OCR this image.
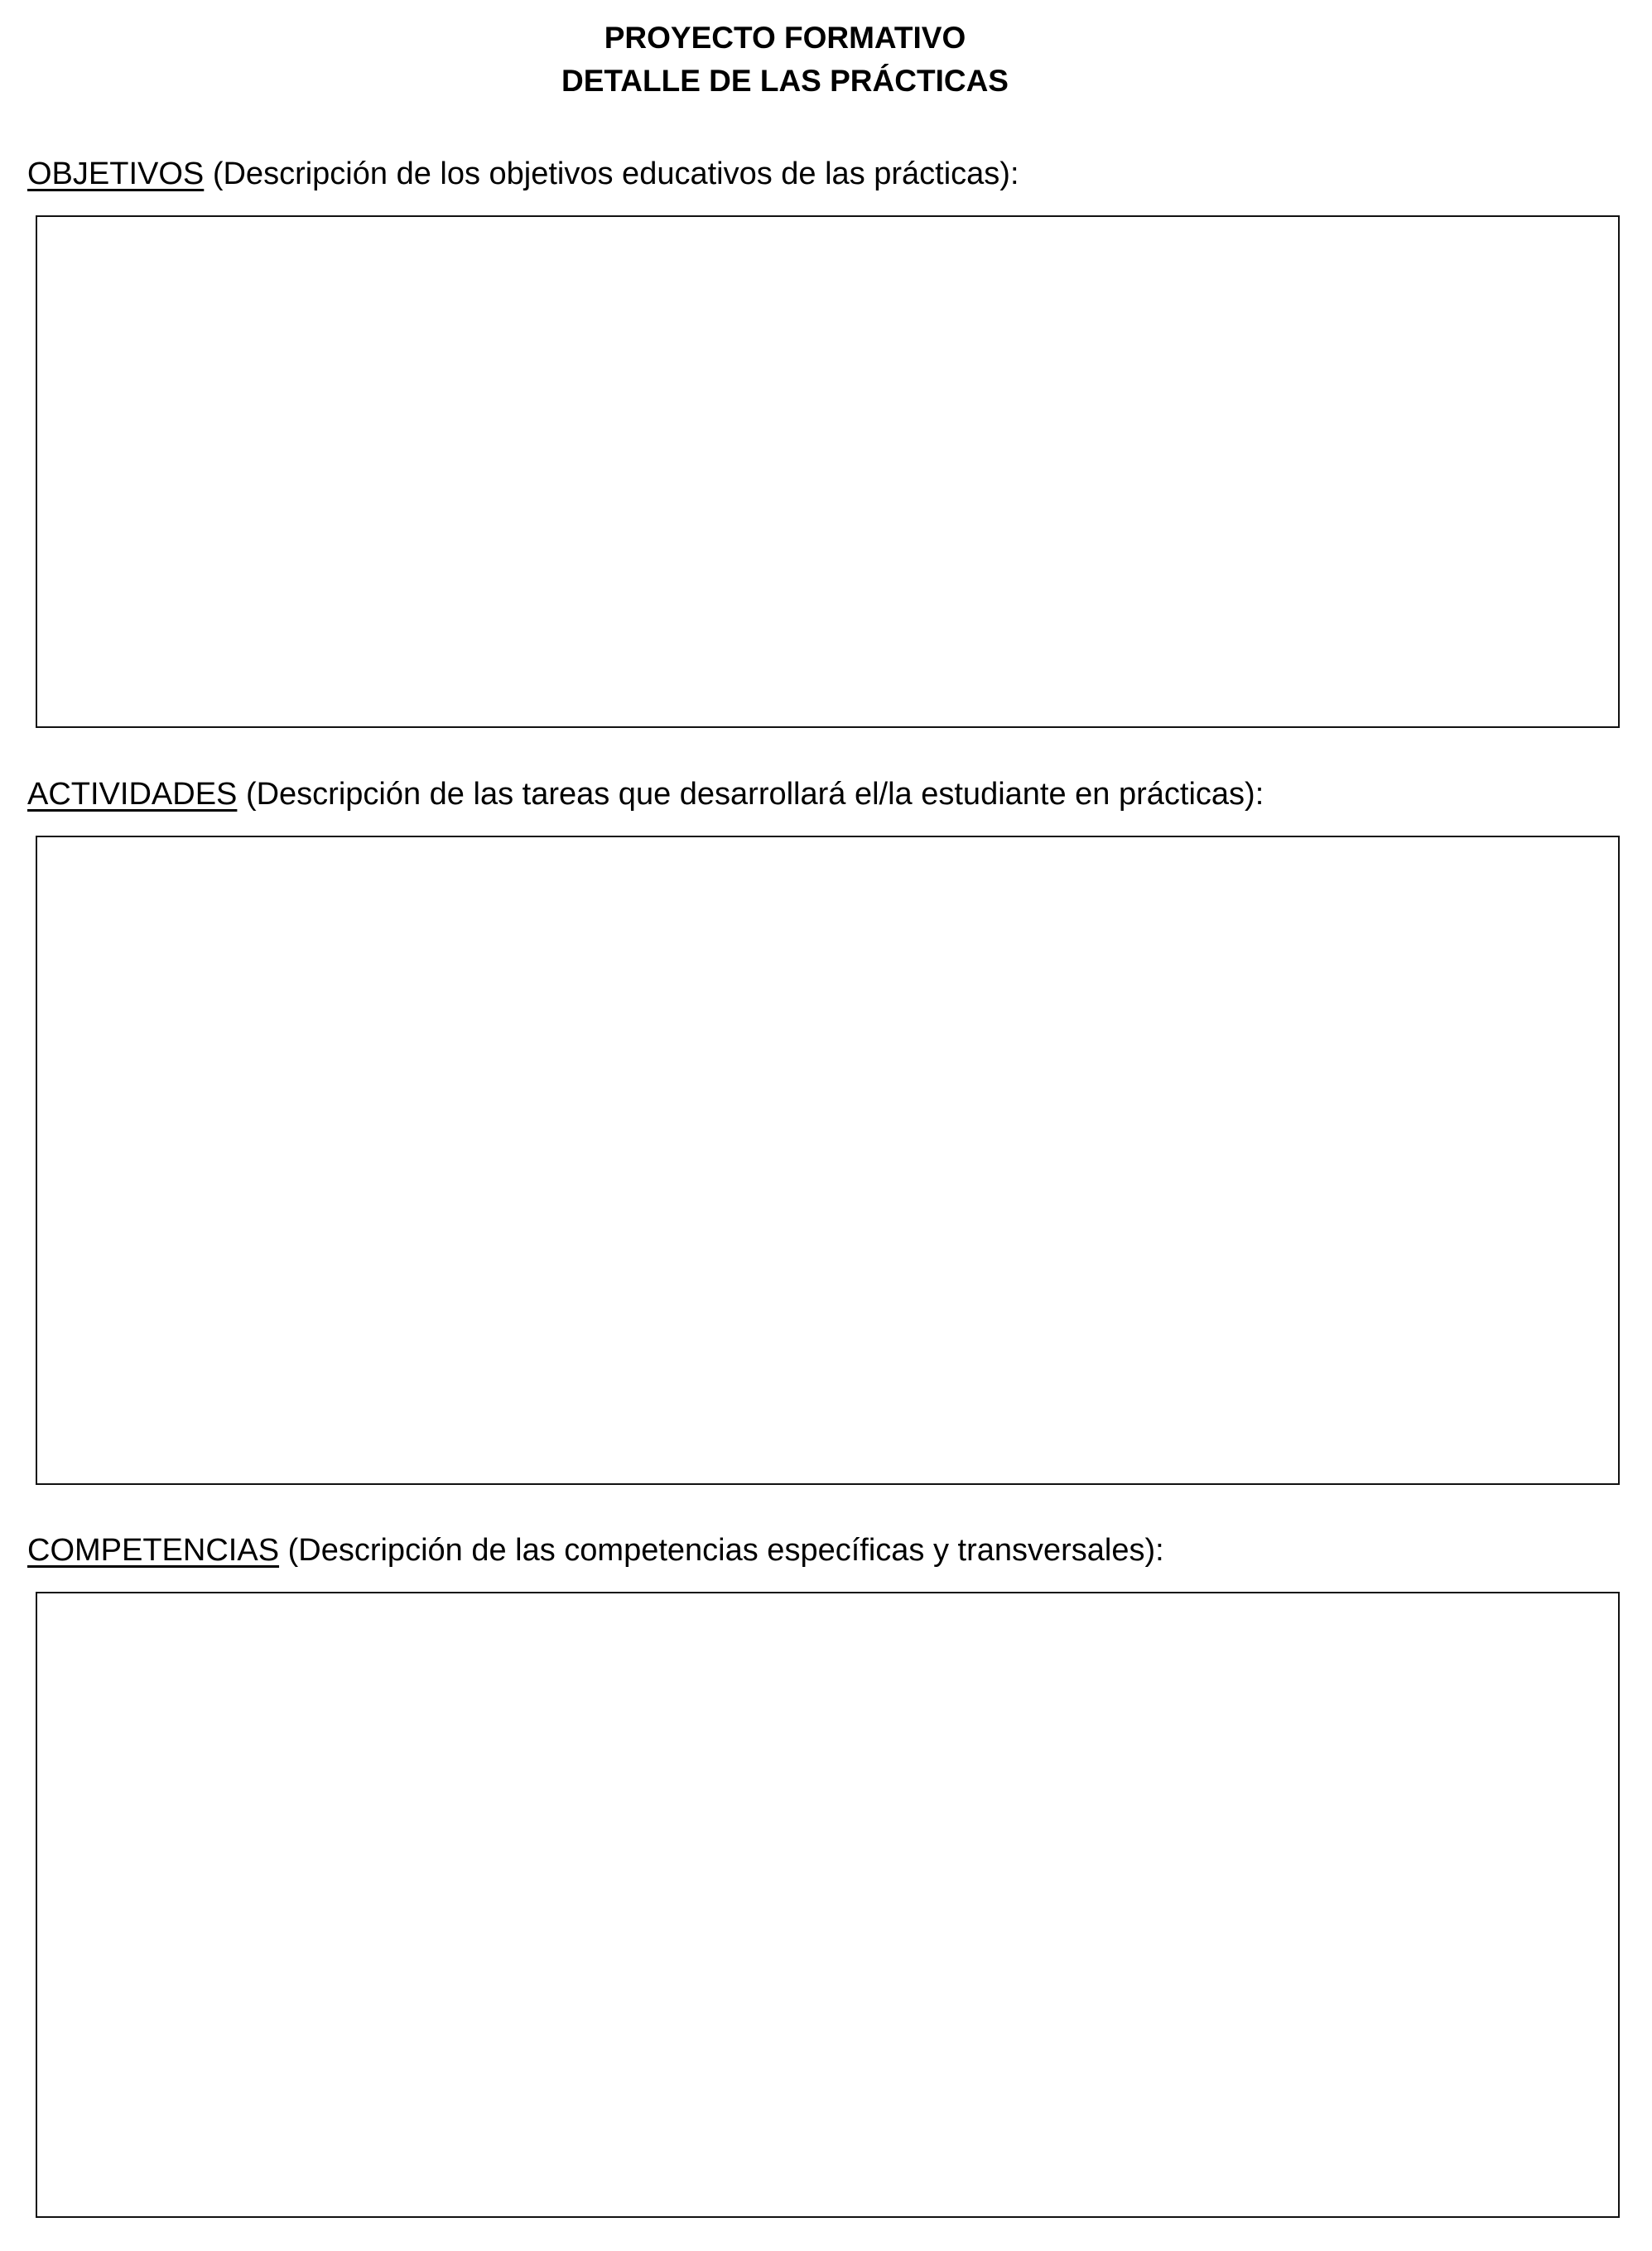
PROYECTO FORMATIVO
DETALLE DE LAS PRÁCTICAS
OBJETIVOS (Descripción de los objetivos educativos de las prácticas):
ACTIVIDADES (Descripción de las tareas que desarrollará el/la estudiante en prácticas):
COMPETENCIAS (Descripción de las competencias específicas y transversales):
